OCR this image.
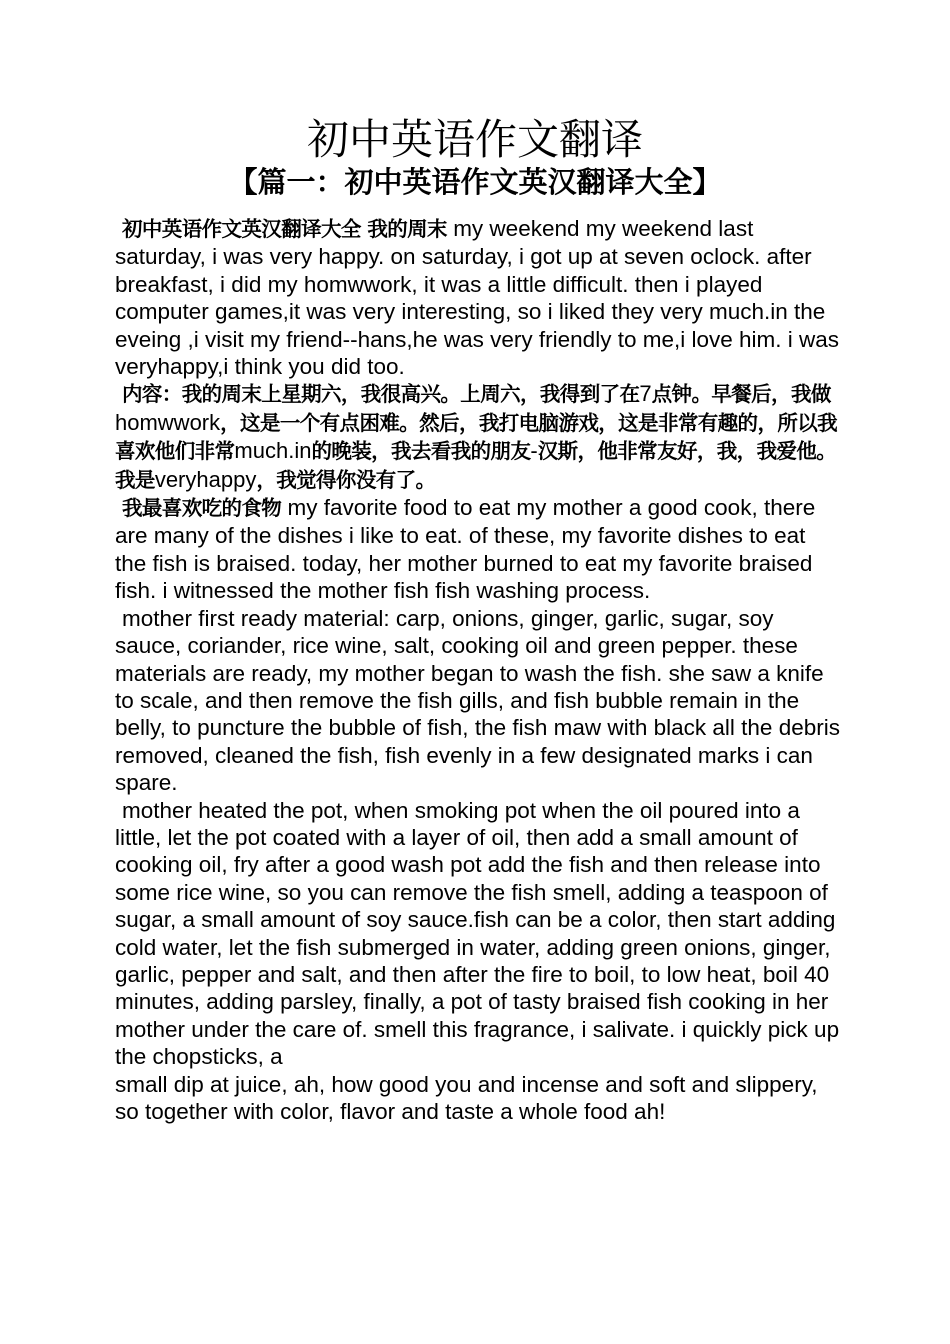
初中英语作文翻译
【篇一：初中英语作文英汉翻译大全】

初中英语作文英汉翻译大全 我的周末 my weekend my weekend last saturday, i was very happy. on saturday, i got up at seven oclock. after breakfast, i did my homwwork, it was a little difficult. then i played computer games,it was very interesting, so i liked they very much.in the eveing ,i visit my friend--hans,he was very friendly to me,i love him. i was veryhappy,i think you did too.

内容：我的周末上星期六，我很高兴。上周六，我得到了在7点钟。早餐后，我做homwwork，这是一个有点困难。然后，我打电脑游戏，这是非常有趣的，所以我喜欢他们非常much.in的晚装，我去看我的朋友-汉斯，他非常友好，我，我爱他。我是veryhappy，我觉得你没有了。

我最喜欢吃的食物 my favorite food to eat my mother a good cook, there are many of the dishes i like to eat. of these, my favorite dishes to eat the fish is braised. today, her mother burned to eat my favorite braised fish. i witnessed the mother fish fish washing process.

mother first ready material: carp, onions, ginger, garlic, sugar, soy sauce, coriander, rice wine, salt, cooking oil and green pepper. these materials are ready, my mother began to wash the fish. she saw a knife to scale, and then remove the fish gills, and fish bubble remain in the belly, to puncture the bubble of fish, the fish maw with black all the debris removed, cleaned the fish, fish evenly in a few designated marks i can spare.

mother heated the pot, when smoking pot when the oil poured into a little, let the pot coated with a layer of oil, then add a small amount of cooking oil, fry after a good wash pot add the fish and then release into some rice wine, so you can remove the fish smell, adding a teaspoon of sugar, a small amount of soy sauce.fish can be a color, then start adding cold water, let the fish submerged in water, adding green onions, ginger, garlic, pepper and salt, and then after the fire to boil, to low heat, boil 40 minutes, adding parsley, finally, a pot of tasty braised fish cooking in her mother under the care of. smell this fragrance, i salivate. i quickly pick up the chopsticks, a

small dip at juice, ah, how good you and incense and soft and slippery, so together with color, flavor and taste a whole food ah!
